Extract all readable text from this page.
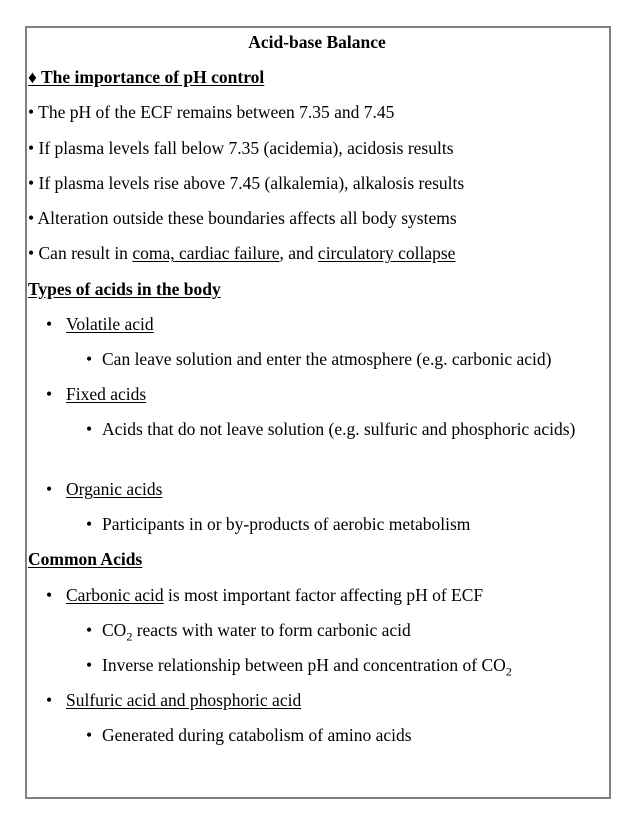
Acid-base Balance
♦ The importance of pH control
• The pH of the ECF remains between 7.35 and 7.45
• If plasma levels fall below 7.35 (acidemia), acidosis results
• If plasma levels rise above 7.45 (alkalemia), alkalosis results
• Alteration outside these boundaries affects all body systems
• Can result in coma, cardiac failure, and circulatory collapse
Types of acids in the body
• Volatile acid
• Can leave solution and enter the atmosphere (e.g. carbonic acid)
• Fixed acids
• Acids that do not leave solution (e.g. sulfuric and phosphoric acids)
• Organic acids
• Participants in or by-products of aerobic metabolism
Common Acids
• Carbonic acid is most important factor affecting pH of ECF
• $CO_2$ reacts with water to form carbonic acid
• Inverse relationship between pH and concentration of $CO_2$
• Sulfuric acid and phosphoric acid
• Generated during catabolism of amino acids
